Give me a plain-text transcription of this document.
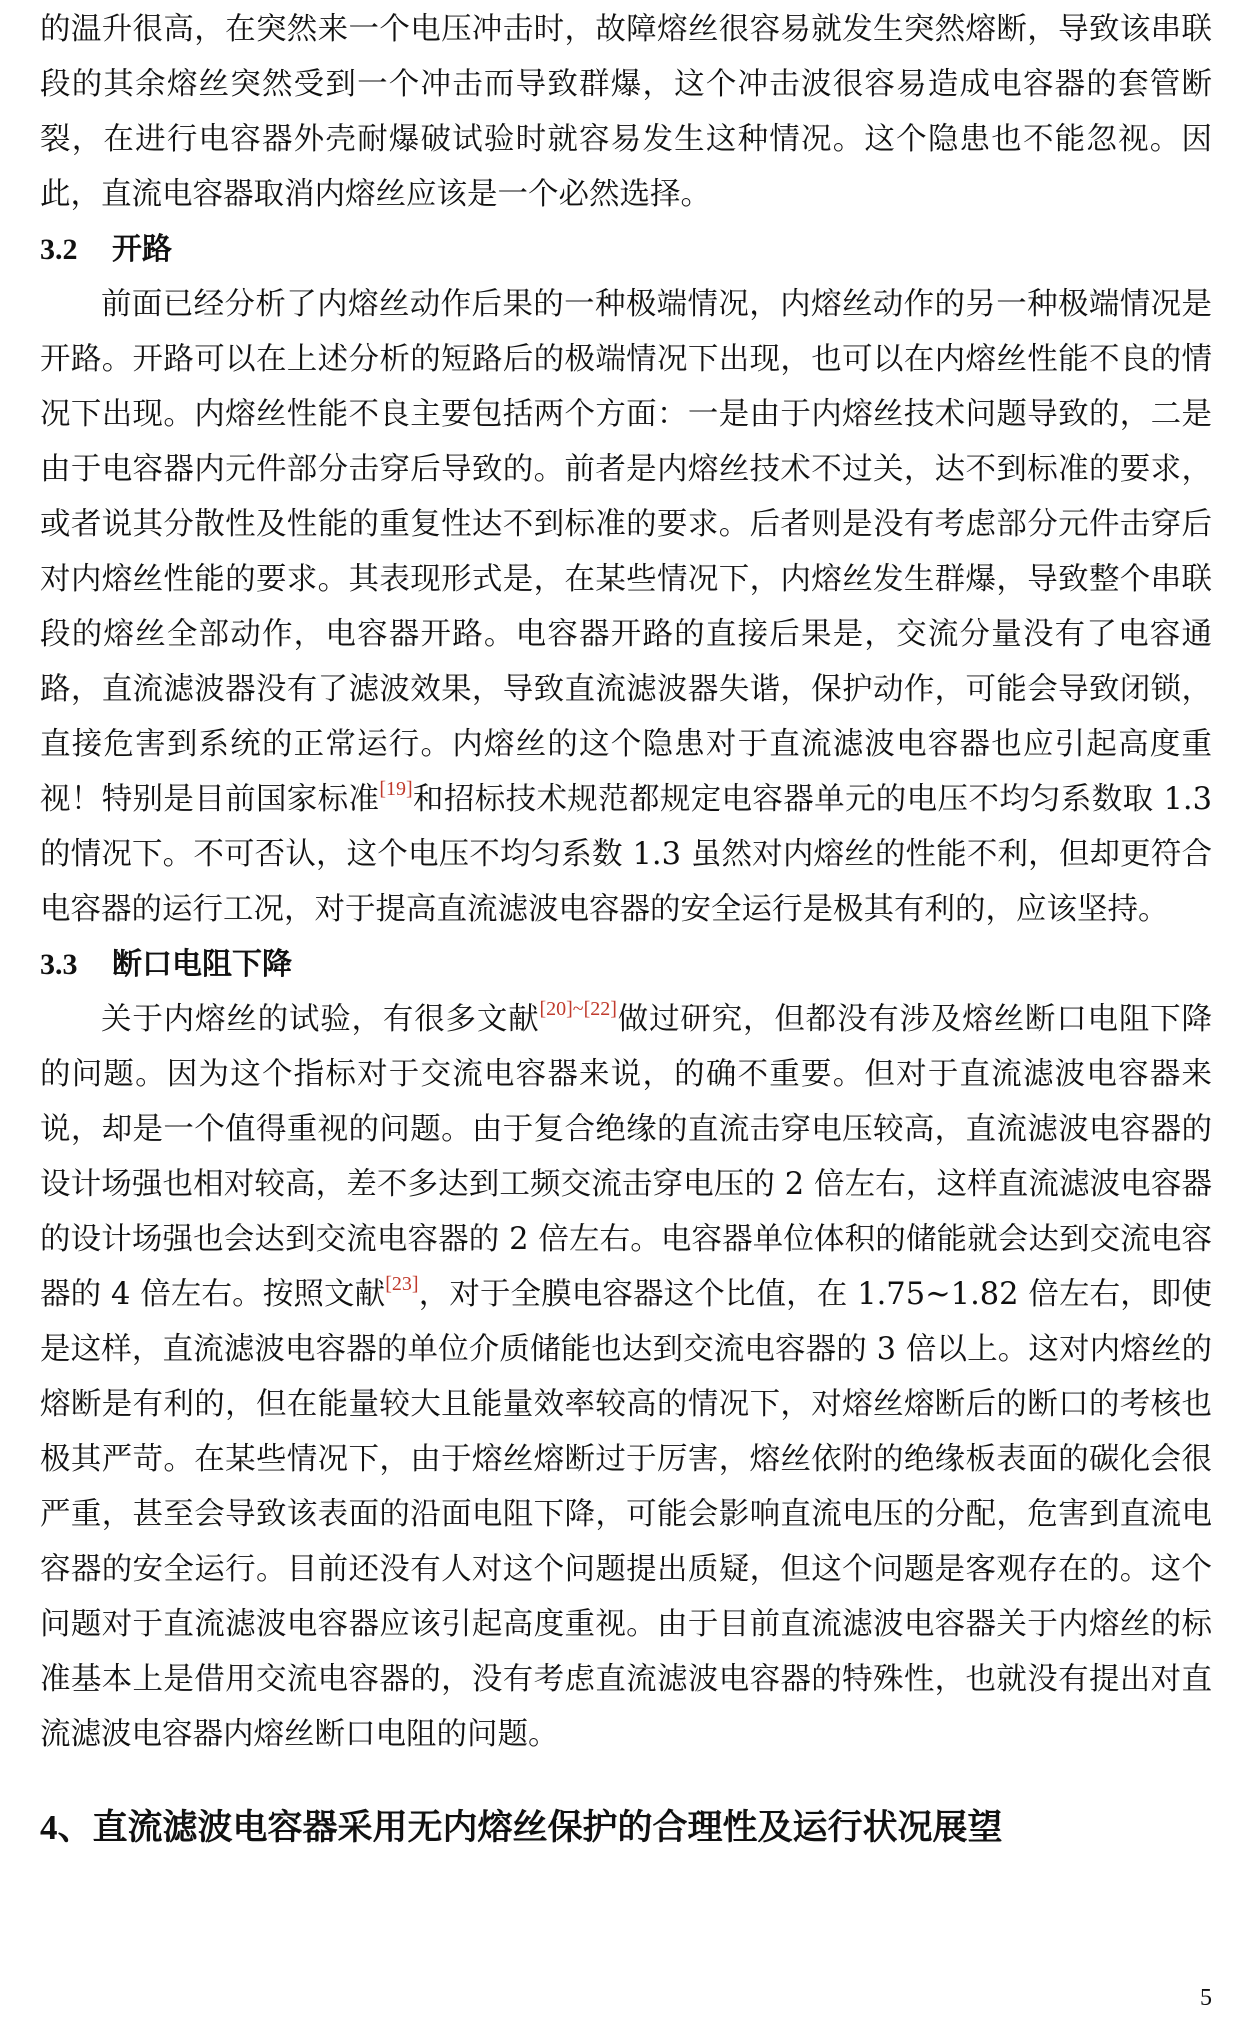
的温升很高，在突然来一个电压冲击时，故障熔丝很容易就发生突然熔断，导致该串联段的其余熔丝突然受到一个冲击而导致群爆，这个冲击波很容易造成电容器的套管断裂，在进行电容器外壳耐爆破试验时就容易发生这种情况。这个隐患也不能忽视。因此，直流电容器取消内熔丝应该是一个必然选择。

3.2 开路

前面已经分析了内熔丝动作后果的一种极端情况，内熔丝动作的另一种极端情况是开路。开路可以在上述分析的短路后的极端情况下出现，也可以在内熔丝性能不良的情况下出现。内熔丝性能不良主要包括两个方面：一是由于内熔丝技术问题导致的，二是由于电容器内元件部分击穿后导致的。前者是内熔丝技术不过关，达不到标准的要求，或者说其分散性及性能的重复性达不到标准的要求。后者则是没有考虑部分元件击穿后对内熔丝性能的要求。其表现形式是，在某些情况下，内熔丝发生群爆，导致整个串联段的熔丝全部动作，电容器开路。电容器开路的直接后果是，交流分量没有了电容通路，直流滤波器没有了滤波效果，导致直流滤波器失谐，保护动作，可能会导致闭锁，直接危害到系统的正常运行。内熔丝的这个隐患对于直流滤波电容器也应引起高度重视！特别是目前国家标准[19]和招标技术规范都规定电容器单元的电压不均匀系数取 1.3 的情况下。不可否认，这个电压不均匀系数 1.3 虽然对内熔丝的性能不利，但却更符合电容器的运行工况，对于提高直流滤波电容器的安全运行是极其有利的，应该坚持。

3.3 断口电阻下降

关于内熔丝的试验，有很多文献[20]~[22]做过研究，但都没有涉及熔丝断口电阻下降的问题。因为这个指标对于交流电容器来说，的确不重要。但对于直流滤波电容器来说，却是一个值得重视的问题。由于复合绝缘的直流击穿电压较高，直流滤波电容器的设计场强也相对较高，差不多达到工频交流击穿电压的 2 倍左右，这样直流滤波电容器的设计场强也会达到交流电容器的 2 倍左右。电容器单位体积的储能就会达到交流电容器的 4 倍左右。按照文献[23]，对于全膜电容器这个比值，在 1.75~1.82 倍左右，即使是这样，直流滤波电容器的单位介质储能也达到交流电容器的 3 倍以上。这对内熔丝的熔断是有利的，但在能量较大且能量效率较高的情况下，对熔丝熔断后的断口的考核也极其严苛。在某些情况下，由于熔丝熔断过于厉害，熔丝依附的绝缘板表面的碳化会很严重，甚至会导致该表面的沿面电阻下降，可能会影响直流电压的分配，危害到直流电容器的安全运行。目前还没有人对这个问题提出质疑，但这个问题是客观存在的。这个问题对于直流滤波电容器应该引起高度重视。由于目前直流滤波电容器关于内熔丝的标准基本上是借用交流电容器的，没有考虑直流滤波电容器的特殊性，也就没有提出对直流滤波电容器内熔丝断口电阻的问题。

4、直流滤波电容器采用无内熔丝保护的合理性及运行状况展望
5
